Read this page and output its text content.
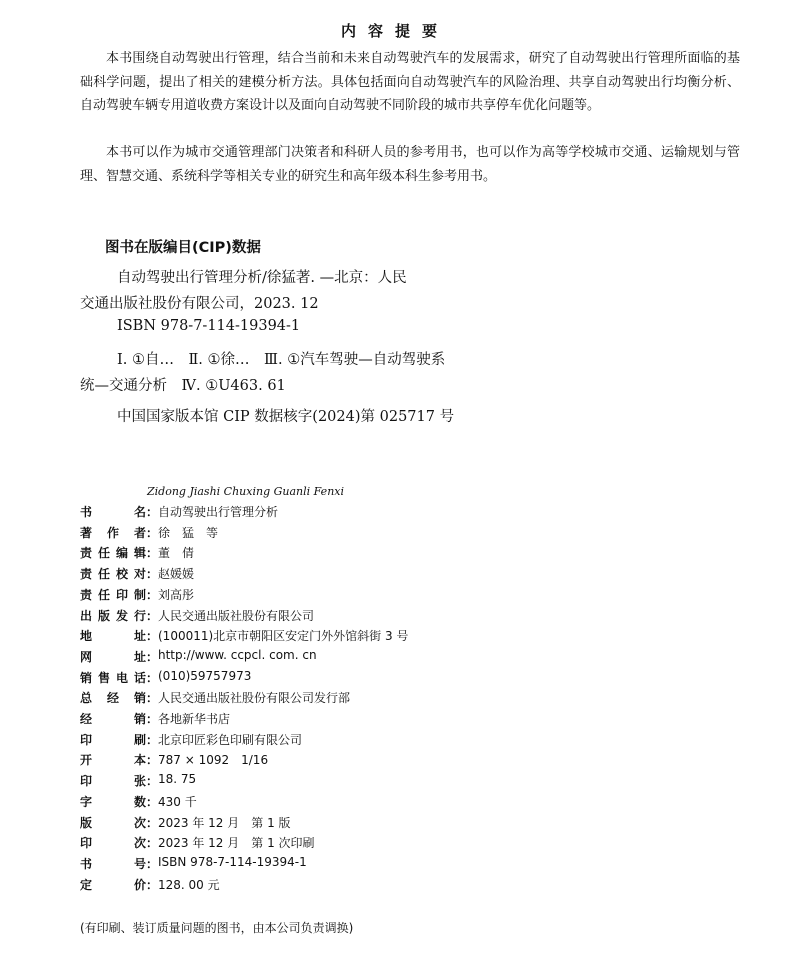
内容提要
本书围绕自动驾驶出行管理，结合当前和未来自动驾驶汽车的发展需求，研究了自动驾驶出行管理所面临的基础科学问题，提出了相关的建模分析方法。具体包括面向自动驾驶汽车的风险治理、共享自动驾驶出行均衡分析、自动驾驶车辆专用道收费方案设计以及面向自动驾驶不同阶段的城市共享停车优化问题等。
本书可以作为城市交通管理部门决策者和科研人员的参考用书，也可以作为高等学校城市交通、运输规划与管理、智慧交通、系统科学等相关专业的研究生和高年级本科生参考用书。
图书在版编目(CIP)数据
自动驾驶出行管理分析/徐猛著. —北京：人民
交通出版社股份有限公司，2023. 12
ISBN 978-7-114-19394-1
Ⅰ. ①自…　Ⅱ. ①徐…　Ⅲ. ①汽车驾驶—自动驾驶系
统—交通分析　Ⅳ. ①U463. 61
中国国家版本馆 CIP 数据核字(2024)第 025717 号
Zidong Jiashi Chuxing Guanli Fenxi
书	名 ： 自动驾驶出行管理分析
著 作 者 ： 徐　猛　等
责 任 编 辑 ： 董　倩
责 任 校 对 ： 赵媛媛
责 任 印 制 ： 刘高彤
出 版 发 行 ： 人民交通出版社股份有限公司
地	址 ： (100011)北京市朝阳区安定门外外馆斜街 3 号
网	址 ： http://www. ccpcl. com. cn
销 售 电 话 ： (010)59757973
总 经 销 ： 人民交通出版社股份有限公司发行部
经	销 ： 各地新华书店
印	刷 ： 北京印匠彩色印刷有限公司
开	本 ： 787 × 1092　1/16
印	张 ： 18. 75
字	数 ： 430 千
版	次 ： 2023 年 12 月　第 1 版
印	次 ： 2023 年 12 月　第 1 次印刷
书	号 ： ISBN 978-7-114-19394-1
定	价 ： 128. 00 元
(有印刷、装订质量问题的图书，由本公司负责调换)
